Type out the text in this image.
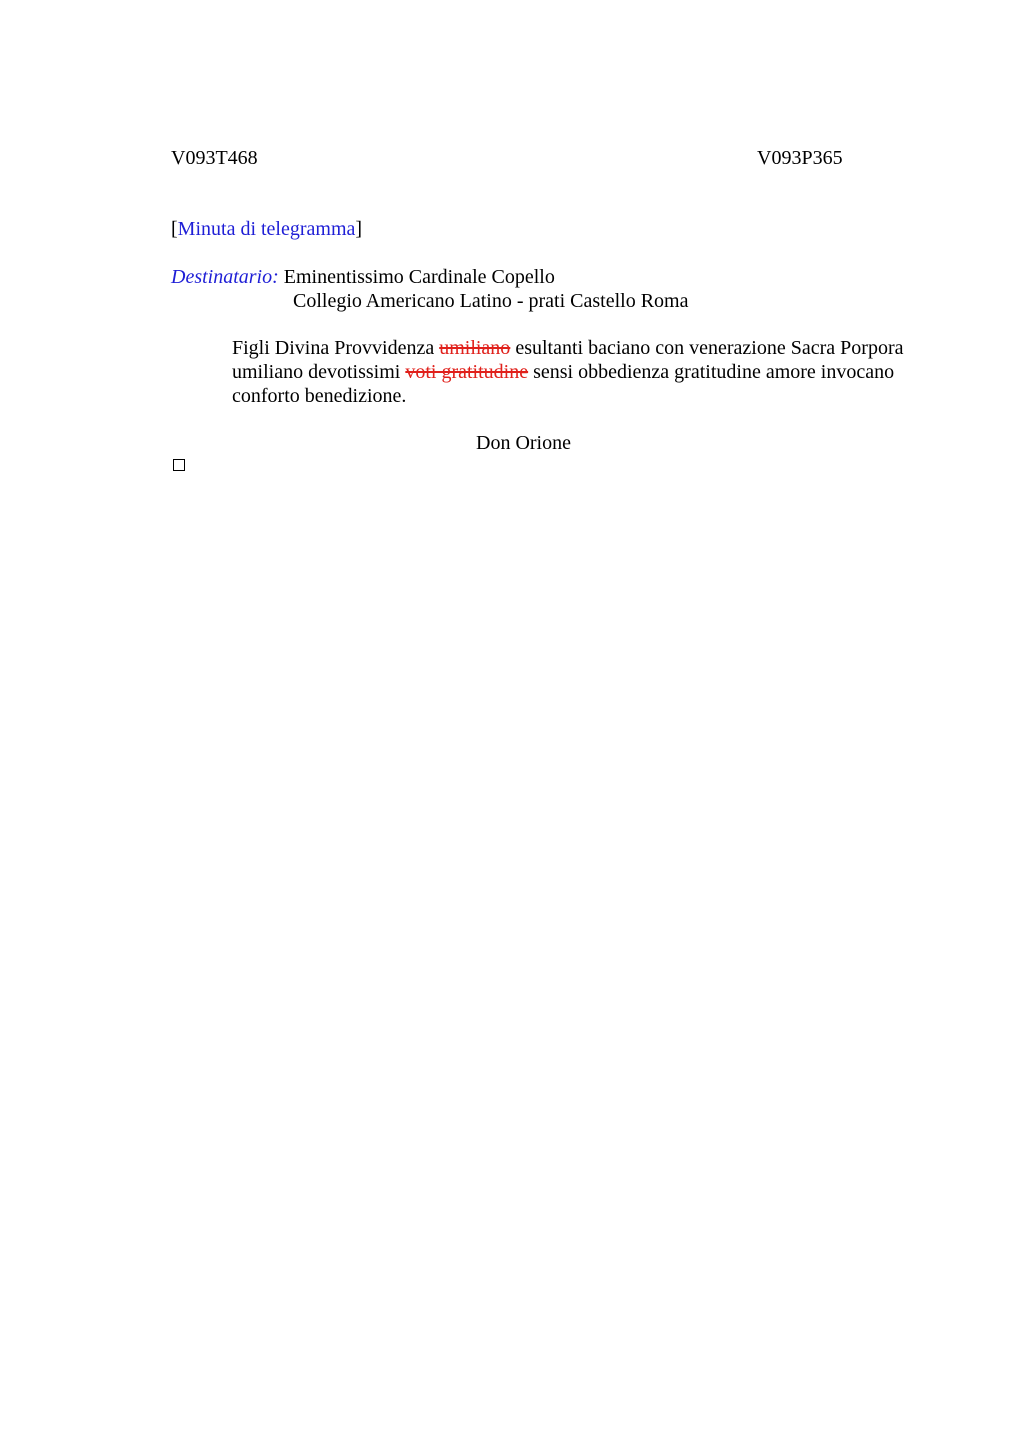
V093T468	V093P365
[Minuta di telegramma]
Destinatario: Eminentissimo Cardinale Copello
Collegio Americano Latino - prati Castello Roma
Figli Divina Provvidenza umiliano esultanti baciano con venerazione Sacra Porpora umiliano devotissimi voti gratitudine sensi obbedienza gratitudine amore invocano conforto benedizione.
Don Orione
